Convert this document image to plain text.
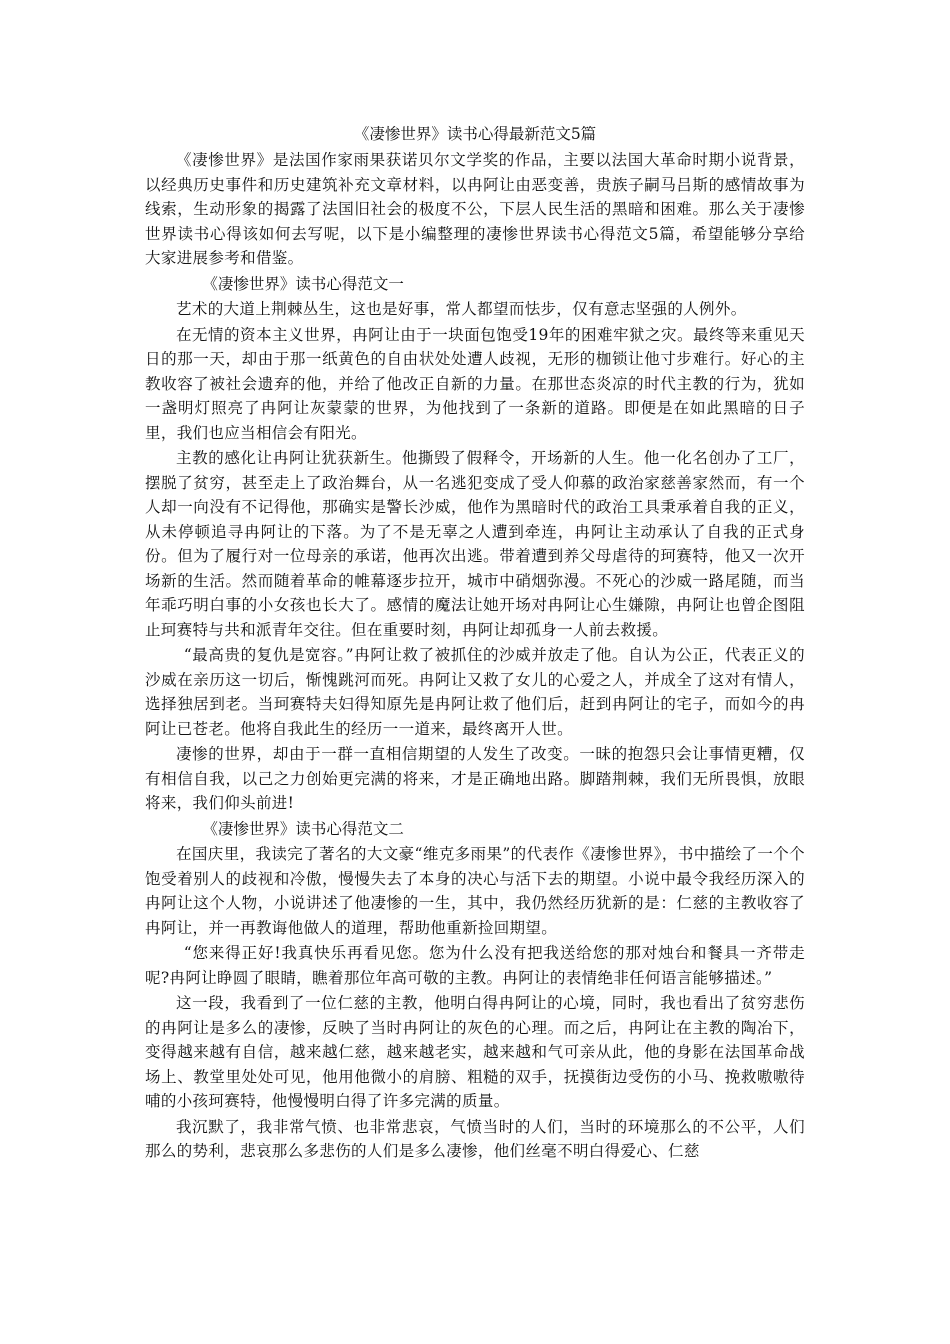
《凄惨世界》读书心得最新范文5篇

《凄惨世界》是法国作家雨果获诺贝尔文学奖的作品，主要以法国大革命时期小说背景，以经典历史事件和历史建筑补充文章材料，以冉阿让由恶变善，贵族子嗣马吕斯的感情故事为线索，生动形象的揭露了法国旧社会的极度不公，下层人民生活的黑暗和困难。那么关于凄惨世界读书心得该如何去写呢，以下是小编整理的凄惨世界读书心得范文5篇，希望能够分享给大家进展参考和借鉴。

《凄惨世界》读书心得范文一

艺术的大道上荆棘丛生，这也是好事，常人都望而怯步，仅有意志坚强的人例外。

在无情的资本主义世界，冉阿让由于一块面包饱受19年的困难牢狱之灾。最终等来重见天日的那一天，却由于那一纸黄色的自由状处处遭人歧视，无形的枷锁让他寸步难行。好心的主教收容了被社会遗弃的他，并给了他改正自新的力量。在那世态炎凉的时代主教的行为，犹如一盏明灯照亮了冉阿让灰蒙蒙的世界，为他找到了一条新的道路。即便是在如此黑暗的日子里，我们也应当相信会有阳光。

主教的感化让冉阿让犹获新生。他撕毁了假释令，开场新的人生。他一化名创办了工厂，摆脱了贫穷，甚至走上了政治舞台，从一名逃犯变成了受人仰慕的政治家慈善家然而，有一个人却一向没有不记得他，那确实是警长沙威，他作为黑暗时代的政治工具秉承着自我的正义，从未停顿追寻冉阿让的下落。为了不是无辜之人遭到牵连，冉阿让主动承认了自我的正式身份。但为了履行对一位母亲的承诺，他再次出逃。带着遭到养父母虐待的珂赛特，他又一次开场新的生活。然而随着革命的帷幕逐步拉开，城市中硝烟弥漫。不死心的沙威一路尾随，而当年乖巧明白事的小女孩也长大了。感情的魔法让她开场对冉阿让心生嫌隙，冉阿让也曾企图阻止珂赛特与共和派青年交往。但在重要时刻，冉阿让却孤身一人前去救援。

“最高贵的复仇是宽容。”冉阿让救了被抓住的沙威并放走了他。自认为公正，代表正义的沙威在亲历这一切后，惭愧跳河而死。冉阿让又救了女儿的心爱之人，并成全了这对有情人，选择独居到老。当珂赛特夫妇得知原先是冉阿让救了他们后，赶到冉阿让的宅子，而如今的冉阿让已苍老。他将自我此生的经历一一道来，最终离开人世。

凄惨的世界，却由于一群一直相信期望的人发生了改变。一昧的抱怨只会让事情更糟，仅有相信自我，以己之力创始更完满的将来，才是正确地出路。脚踏荆棘，我们无所畏惧，放眼将来，我们仰头前进!

《凄惨世界》读书心得范文二

在国庆里，我读完了著名的大文豪“维克多雨果”的代表作《凄惨世界》，书中描绘了一个个饱受着别人的歧视和冷傲，慢慢失去了本身的决心与活下去的期望。小说中最令我经历深入的冉阿让这个人物，小说讲述了他凄惨的一生，其中，我仍然经历犹新的是：仁慈的主教收容了冉阿让，并一再教诲他做人的道理，帮助他重新捡回期望。

“您来得正好!我真快乐再看见您。您为什么没有把我送给您的那对烛台和餐具一齐带走呢?冉阿让睁圆了眼睛，瞧着那位年高可敬的主教。冉阿让的表情绝非任何语言能够描述。”

这一段，我看到了一位仁慈的主教，他明白得冉阿让的心境，同时，我也看出了贫穷悲伤的冉阿让是多么的凄惨，反映了当时冉阿让的灰色的心理。而之后，冉阿让在主教的陶冶下，变得越来越有自信，越来越仁慈，越来越老实，越来越和气可亲从此，他的身影在法国革命战场上、教堂里处处可见，他用他微小的肩膀、粗糙的双手，抚摸街边受伤的小马、挽救嗷嗷待哺的小孩珂赛特，他慢慢明白得了许多完满的质量。

我沉默了，我非常气愤、也非常悲哀，气愤当时的人们，当时的环境那么的不公平，人们那么的势利，悲哀那么多悲伤的人们是多么凄惨，他们丝毫不明白得爱心、仁慈
